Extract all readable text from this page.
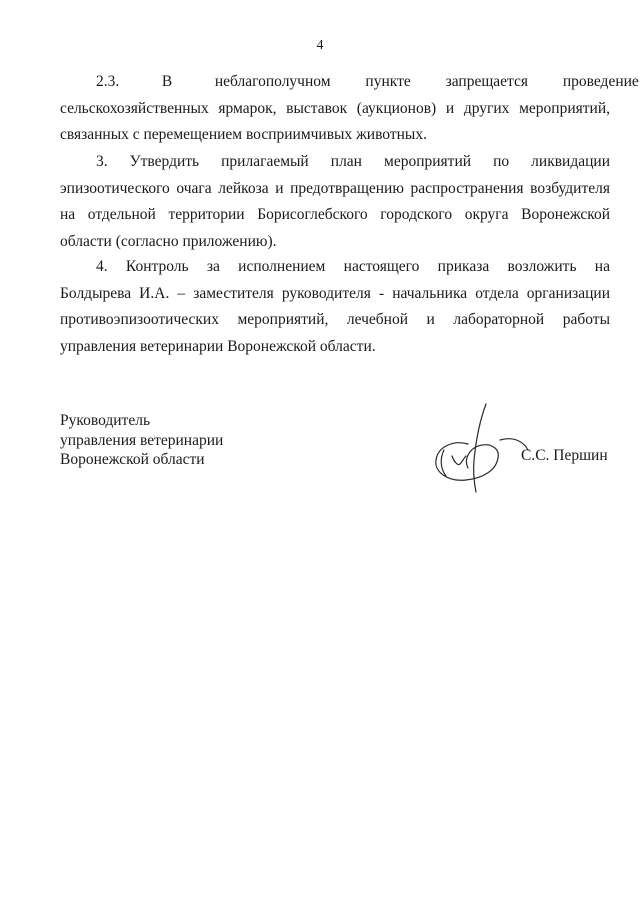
4
2.3.           В           неблагополучном         пункте         запрещается         проведение
сельскохозяйственных ярмарок, выставок (аукционов) и других мероприятий, связанных с перемещением восприимчивых животных.

3. Утвердить прилагаемый план мероприятий по ликвидации эпизоотического очага лейкоза и предотвращению распространения возбудителя на отдельной территории Борисоглебского городского округа Воронежской области (согласно приложению).

4.    Контроль    за    исполнением    настоящего    приказа    возложить    на Болдырева И.А. – заместителя руководителя - начальника отдела организации противоэпизоотических мероприятий, лечебной и лабораторной работы управления ветеринарии Воронежской области.

Руководитель
управления ветеринарии
Воронежской области	С.С. Першин
